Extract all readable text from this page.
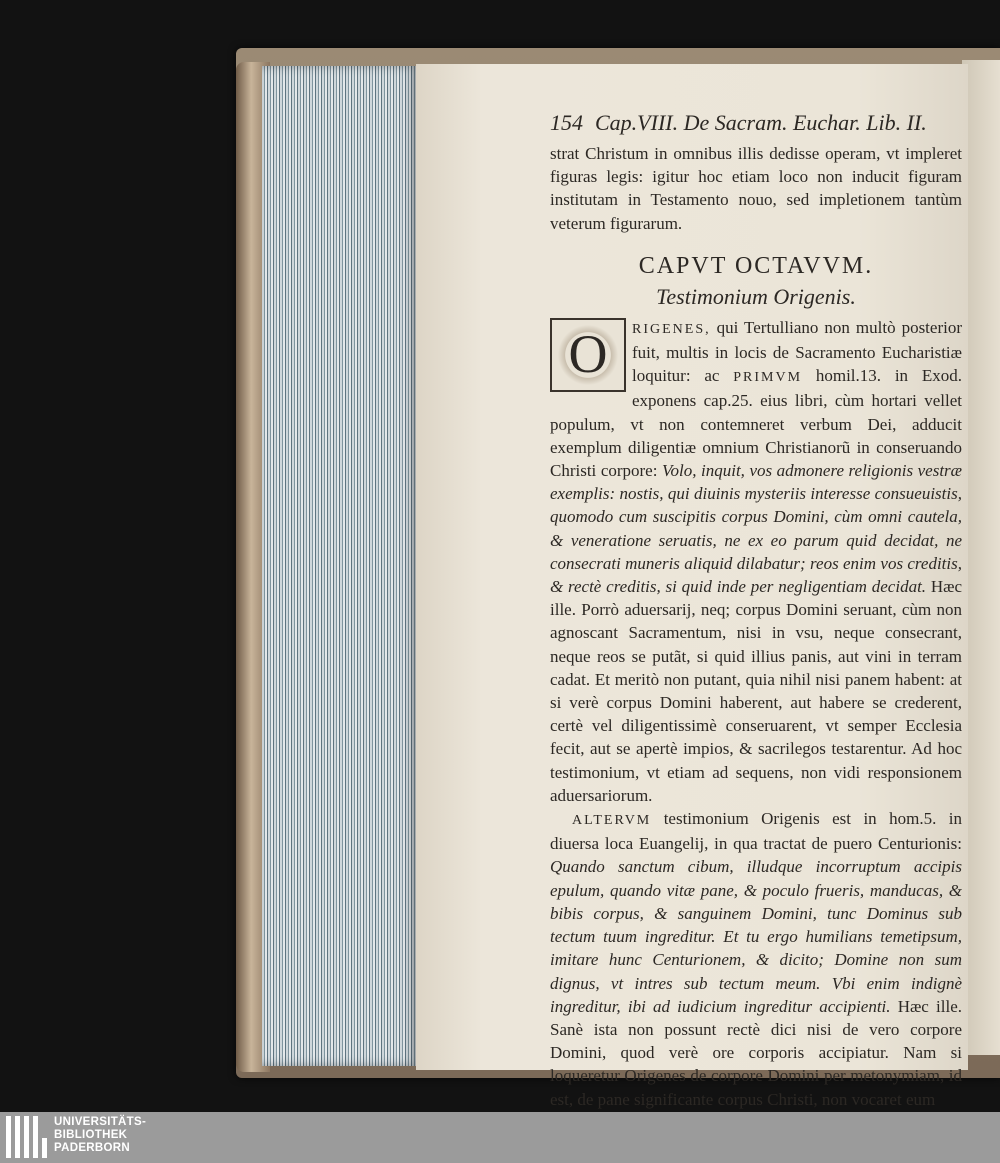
154 Cap.VIII. De Sacram. Euchar. Lib. II.

strat Christum in omnibus illis dedisse operam, vt impleret figuras legis: igitur hoc etiam loco non inducit figuram institutam in Testamento nouo, sed impletionem tantùm veterum figurarum.

CAPVT OCTAVVM.
Testimonium Origenis.

O	RIGENES, qui Tertulliano non multò posterior fuit, multis in locis de Sacramento Eucharistiæ loquitur: ac PRIMVM homil.13. in Exod. exponens cap.25. eius libri, cùm hortari vellet populum, vt non contemneret verbum Dei, adducit exemplum diligentiæ omnium Christianorũ in conseruando Christi corpore: Volo, inquit, vos admonere religionis vestræ exemplis: nostis, qui diuinis mysteriis interesse consueuistis, quomodo cum suscipitis corpus Domini, cùm omni cautela, & veneratione seruatis, ne ex eo parum quid decidat, ne consecrati muneris aliquid dilabatur; reos enim vos creditis, & rectè creditis, si quid inde per negligentiam decidat. Hæc ille. Porrò aduersarij, neq; corpus Domini seruant, cùm non agnoscant Sacramentum, nisi in vsu, neque consecrant, neque reos se putãt, si quid illius panis, aut vini in terram cadat. Et meritò non putant, quia nihil nisi panem habent: at si verè corpus Domini haberent, aut habere se crederent, certè vel diligentissimè conseruarent, vt semper Ecclesia fecit, aut se apertè impios, & sacrilegos testarentur. Ad hoc testimonium, vt etiam ad sequens, non vidi responsionem aduersariorum.

ALTERVM testimonium Origenis est in hom.5. in diuersa loca Euangelij, in qua tractat de puero Centurionis: Quando sanctum cibum, illudque incorruptum accipis epulum, quando vitæ pane, & poculo frueris, manducas, & bibis corpus, & sanguinem Domini, tunc Dominus sub tectum tuum ingreditur. Et tu ergo humilians temetipsum, imitare hunc Centurionem, & dicito; Domine non sum dignus, vt intres sub tectum meum. Vbi enim indignè ingreditur, ibi ad iudicium ingreditur accipienti. Hæc ille. Sanè ista non possunt rectè dici nisi de vero corpore Domini, quod verè ore corporis accipiatur. Nam si loqueretur Origenes de corpore Domini per metonymiam, id est, de pane significante corpus Christi, non vocaret eum

UNIVERSITÄTS-
BIBLIOTHEK
PADERBORN
